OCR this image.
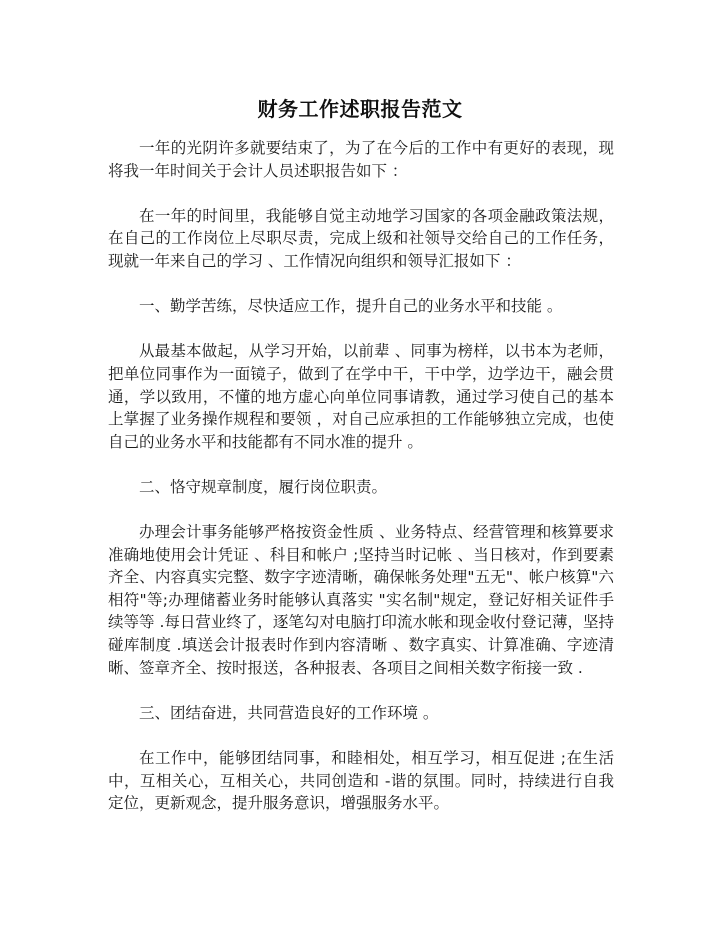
财务工作述职报告范文

一年的光阴许多就要结束了，为了在今后的工作中有更好的表现，现将我一年时间关于会计人员述职报告如下 ：

在一年的时间里，我能够自觉主动地学习国家的各项金融政策法规，在自己的工作岗位上尽职尽责，完成上级和社领导交给自己的工作任务，现就一年来自己的学习 、工作情况向组织和领导汇报如下 ：

一、勤学苦练，尽快适应工作，提升自己的业务水平和技能 。

从最基本做起，从学习开始，以前辈 、同事为榜样，以书本为老师，把单位同事作为一面镜子，做到了在学中干，干中学，边学边干，融会贯通，学以致用，不懂的地方虚心向单位同事请教，通过学习使自己的基本上掌握了业务操作规程和要领 ，对自己应承担的工作能够独立完成，也使自己的业务水平和技能都有不同水准的提升 。

二、恪守规章制度，履行岗位职责。

办理会计事务能够严格按资金性质 、业务特点、经营管理和核算要求准确地使用会计凭证 、科目和帐户 ;坚持当时记帐 、当日核对，作到要素齐全、内容真实完整、数字字迹清晰，确保帐务处理"五无"、帐户核算"六相符"等;办理储蓄业务时能够认真落实 "实名制"规定，登记好相关证件手续等等 .每日营业终了，逐笔勾对电脑打印流水帐和现金收付登记薄，坚持碰库制度 .填送会计报表时作到内容清晰 、数字真实、计算准确、字迹清晰、签章齐全、按时报送，各种报表、各项目之间相关数字衔接一致 .

三、团结奋进，共同营造良好的工作环境 。

在工作中，能够团结同事，和睦相处，相互学习，相互促进 ;在生活中，互相关心，互相关心，共同创造和 -谐的氛围。同时，持续进行自我定位，更新观念，提升服务意识，增强服务水平。
